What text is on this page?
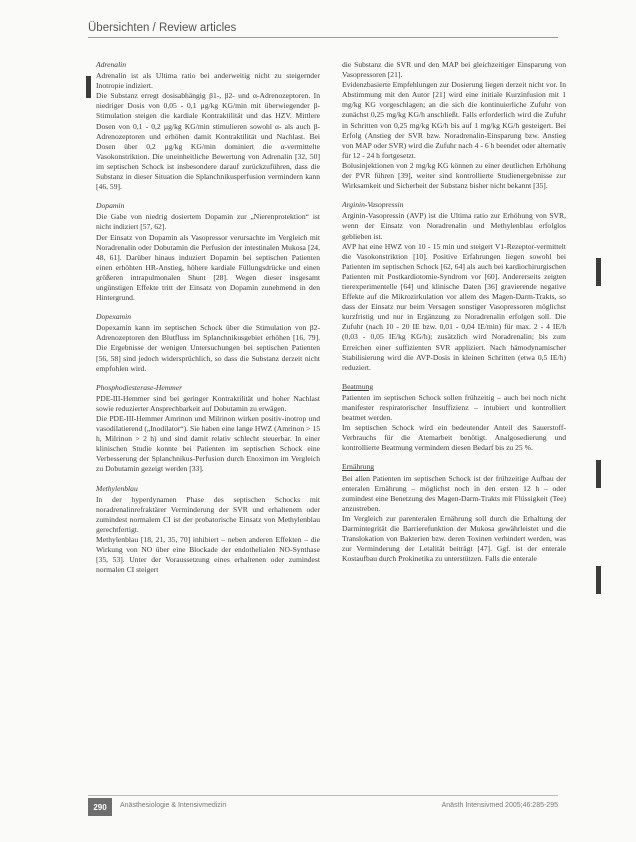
Übersichten / Review articles
Adrenalin

Adrenalin ist als Ultima ratio bei anderweitig nicht zu steigernder Inotropie indiziert.

Die Substanz erregt dosisabhängig β1-, β2- und α-Adrenozeptoren. In niedriger Dosis von 0,05 - 0,1 µg/kg KG/min mit überwiegender β-Stimulation steigen die kardiale Kontraktilität und das HZV. Mittlere Dosen von 0,1 - 0,2 µg/kg KG/min stimulieren sowohl α- als auch β-Adrenozeptoren und erhöhen damit Kontraktilität und Nachlast. Bei Dosen über 0,2 µg/kg KG/min dominiert die α-vermittelte Vasokonstriktion. Die uneinheitliche Bewertung von Adrenalin [32, 50] im septischen Schock ist insbesondere darauf zurückzuführen, dass die Substanz in dieser Situation die Splanchnikusperfusion vermindern kann [46, 59].

Dopamin

Die Gabe von niedrig dosiertem Dopamin zur „Nierenprotektion“ ist nicht indiziert [57, 62].

Der Einsatz von Dopamin als Vasopressor verursachte im Vergleich mit Noradrenalin oder Dobutamin die Perfusion der intestinalen Mukosa [24, 48, 61]. Darüber hinaus induziert Dopamin bei septischen Patienten einen erhöhten HR-Anstieg, höhere kardiale Füllungsdrücke und einen größeren intrapulmonalen Shunt [28]. Wegen dieser insgesamt ungünstigen Effekte tritt der Einsatz von Dopamin zunehmend in den Hintergrund.

Dopexamin

Dopexamin kann im septischen Schock über die Stimulation von β2-Adrenozeptoren den Blutfluss im Splanchnikusgebiet erhöhen [16, 79]. Die Ergebnisse der wenigen Untersuchungen bei septischen Patienten [56, 58] sind jedoch widersprüchlich, so dass die Substanz derzeit nicht empfohlen wird.

Phosphodiesterase-Hemmer

PDE-III-Hemmer sind bei geringer Kontraktilität und hoher Nachlast sowie reduzierter Ansprechbarkeit auf Dobutamin zu erwägen.

Die PDE-III-Hemmer Amrinon und Milrinon wirken positiv-inotrop und vasodilatierend („Inodilator“). Sie haben eine lange HWZ (Amrinon > 15 h, Milrinon > 2 h) und sind damit relativ schlecht steuerbar. In einer klinischen Studie konnte bei Patienten im septischen Schock eine Verbesserung der Splanchnikus-Perfusion durch Enoximon im Vergleich zu Dobutamin gezeigt werden [33].

Methylenblau

In der hyperdynamen Phase des septischen Schocks mit noradrenalinrefraktärer Verminderung der SVR und erhaltenem oder zumindest normalem CI ist der probatorische Einsatz von Methylenblau gerechtfertigt.

Methylenblau [18, 21, 35, 70] inhibiert – neben anderen Effekten – die Wirkung von NO über eine Blockade der endothelialen NO-Synthase [35, 53]. Unter der Voraussetzung eines erhaltenen oder zumindest normalen CI steigert

die Substanz die SVR und den MAP bei gleichzeitiger Einsparung von Vasopressoren [21].

Evidenzbasierte Empfehlungen zur Dosierung liegen derzeit nicht vor. In Abstimmung mit den Autor [21] wird eine initiale Kurzinfusion mit 1 mg/kg KG vorgeschlagen; an die sich die kontinuierliche Zufuhr von zunächst 0,25 mg/kg KG/h anschließt. Falls erforderlich wird die Zufuhr in Schritten von 0,25 mg/kg KG/h bis auf 1 mg/kg KG/h gesteigert. Bei Erfolg (Anstieg der SVR bzw. Noradrenalin-Einsparung bzw. Anstieg von MAP oder SVR) wird die Zufuhr nach 4 - 6 h beendet oder alternativ für 12 - 24 h fortgesetzt.

Bolusinjektionen von 2 mg/kg KG können zu einer deutlichen Erhöhung der PVR führen [39], weiter sind kontrollierte Studienergebnisse zur Wirksamkeit und Sicherheit der Substanz bisher nicht bekannt [35].

Arginin-Vasopressin

Arginin-Vasopressin (AVP) ist die Ultima ratio zur Erhöhung von SVR, wenn der Einsatz von Noradrenalin und Methylenblau erfolglos geblieben ist.

AVP hat eine HWZ von 10 - 15 min und steigert V1-Rezeptor-vermittelt die Vasokonstriktion [10]. Positive Erfahrungen liegen sowohl bei Patienten im septischen Schock [62, 64] als auch bei kardiochirurgischen Patienten mit Postkardiotomie-Syndrom vor [60]. Andererseits zeigten tierexperimentelle [64] und klinische Daten [36] gravierende negative Effekte auf die Mikrozirkulation vor allem des Magen-Darm-Trakts, so dass der Einsatz nur beim Versagen sonstiger Vasopressoren möglichst kurzfristig und nur in Ergänzung zu Noradrenalin erfolgen soll. Die Zufuhr (nach 10 - 20 IE bzw. 0,01 - 0,04 IE/min) für max. 2 - 4 IE/h (0,03 - 0,05 IE/kg KG/h); zusätzlich wird Noradrenalin; bis zum Erreichen einer suffizienten SVR appliziert. Nach hämodynamischer Stabilisierung wird die AVP-Dosis in kleinen Schritten (etwa 0,5 IE/h) reduziert.

Beatmung

Patienten im septischen Schock sollen frühzeitig – auch bei noch nicht manifester respiratorischer Insuffizienz – intubiert und kontrolliert beatmet werden.

Im septischen Schock wird ein bedeutender Anteil des Sauerstoff-Verbrauchs für die Atemarbeit benötigt. Analgosedierung und kontrollierte Beatmung vermindern diesen Bedarf bis zu 25 %.

Ernährung

Bei allen Patienten im septischen Schock ist der frühzeitige Aufbau der enteralen Ernährung – möglichst noch in den ersten 12 h – oder zumindest eine Benetzung des Magen-Darm-Trakts mit Flüssigkeit (Tee) anzustreben.

Im Vergleich zur parenteralen Ernährung soll durch die Erhaltung der Darmintegrität die Barrierefunktion der Mukosa gewährleistet und die Translokation von Bakterien bzw. deren Toxinen verhindert werden, was zur Verminderung der Letalität beiträgt [47]. Ggf. ist der enterale Kostaufbau durch Prokinetika zu unterstützen. Falls die enterale

290 Anästhesiologie & Intensivmedizin	Anästh Intensivmed 2005;46:285-295
